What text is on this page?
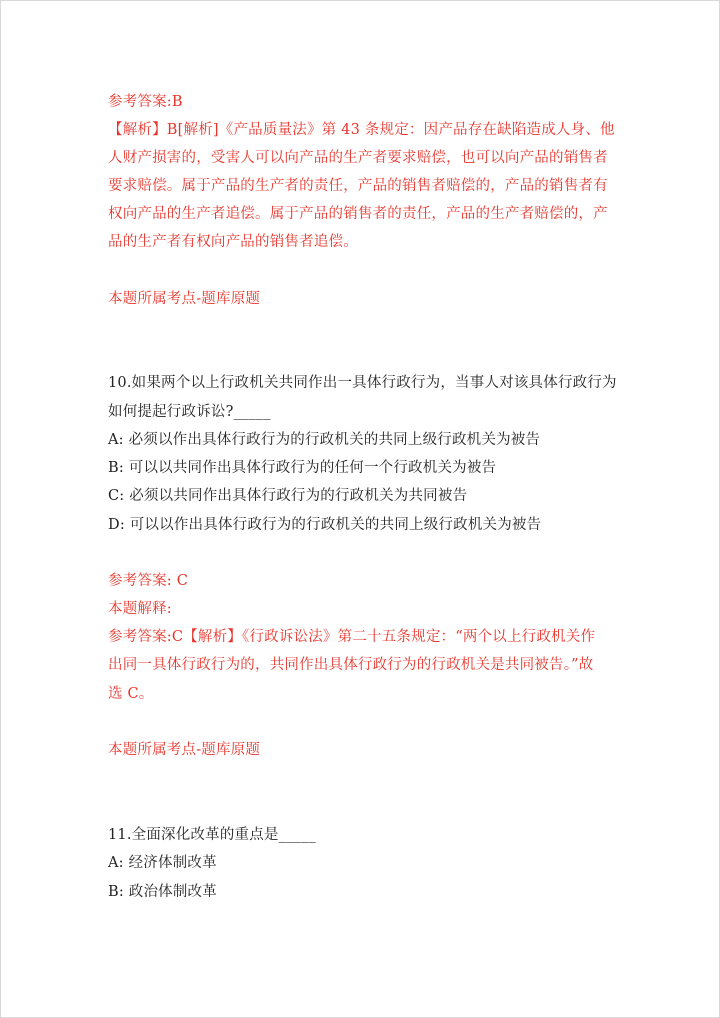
参考答案:B
【解析】B[解析]《产品质量法》第 43 条规定：因产品存在缺陷造成人身、他
人财产损害的，受害人可以向产品的生产者要求赔偿，也可以向产品的销售者
要求赔偿。属于产品的生产者的责任，产品的销售者赔偿的，产品的销售者有
权向产品的生产者追偿。属于产品的销售者的责任，产品的生产者赔偿的，产
品的生产者有权向产品的销售者追偿。
本题所属考点-题库原题
10.如果两个以上行政机关共同作出一具体行政行为，当事人对该具体行政行为
如何提起行政诉讼?_____
A: 必须以作出具体行政行为的行政机关的共同上级行政机关为被告
B: 可以以共同作出具体行政行为的任何一个行政机关为被告
C: 必须以共同作出具体行政行为的行政机关为共同被告
D: 可以以作出具体行政行为的行政机关的共同上级行政机关为被告
参考答案: C
本题解释:
参考答案:C【解析】《行政诉讼法》第二十五条规定：“两个以上行政机关作
出同一具体行政行为的，共同作出具体行政行为的行政机关是共同被告。”故
选 C。
本题所属考点-题库原题
11.全面深化改革的重点是_____
A: 经济体制改革
B: 政治体制改革
